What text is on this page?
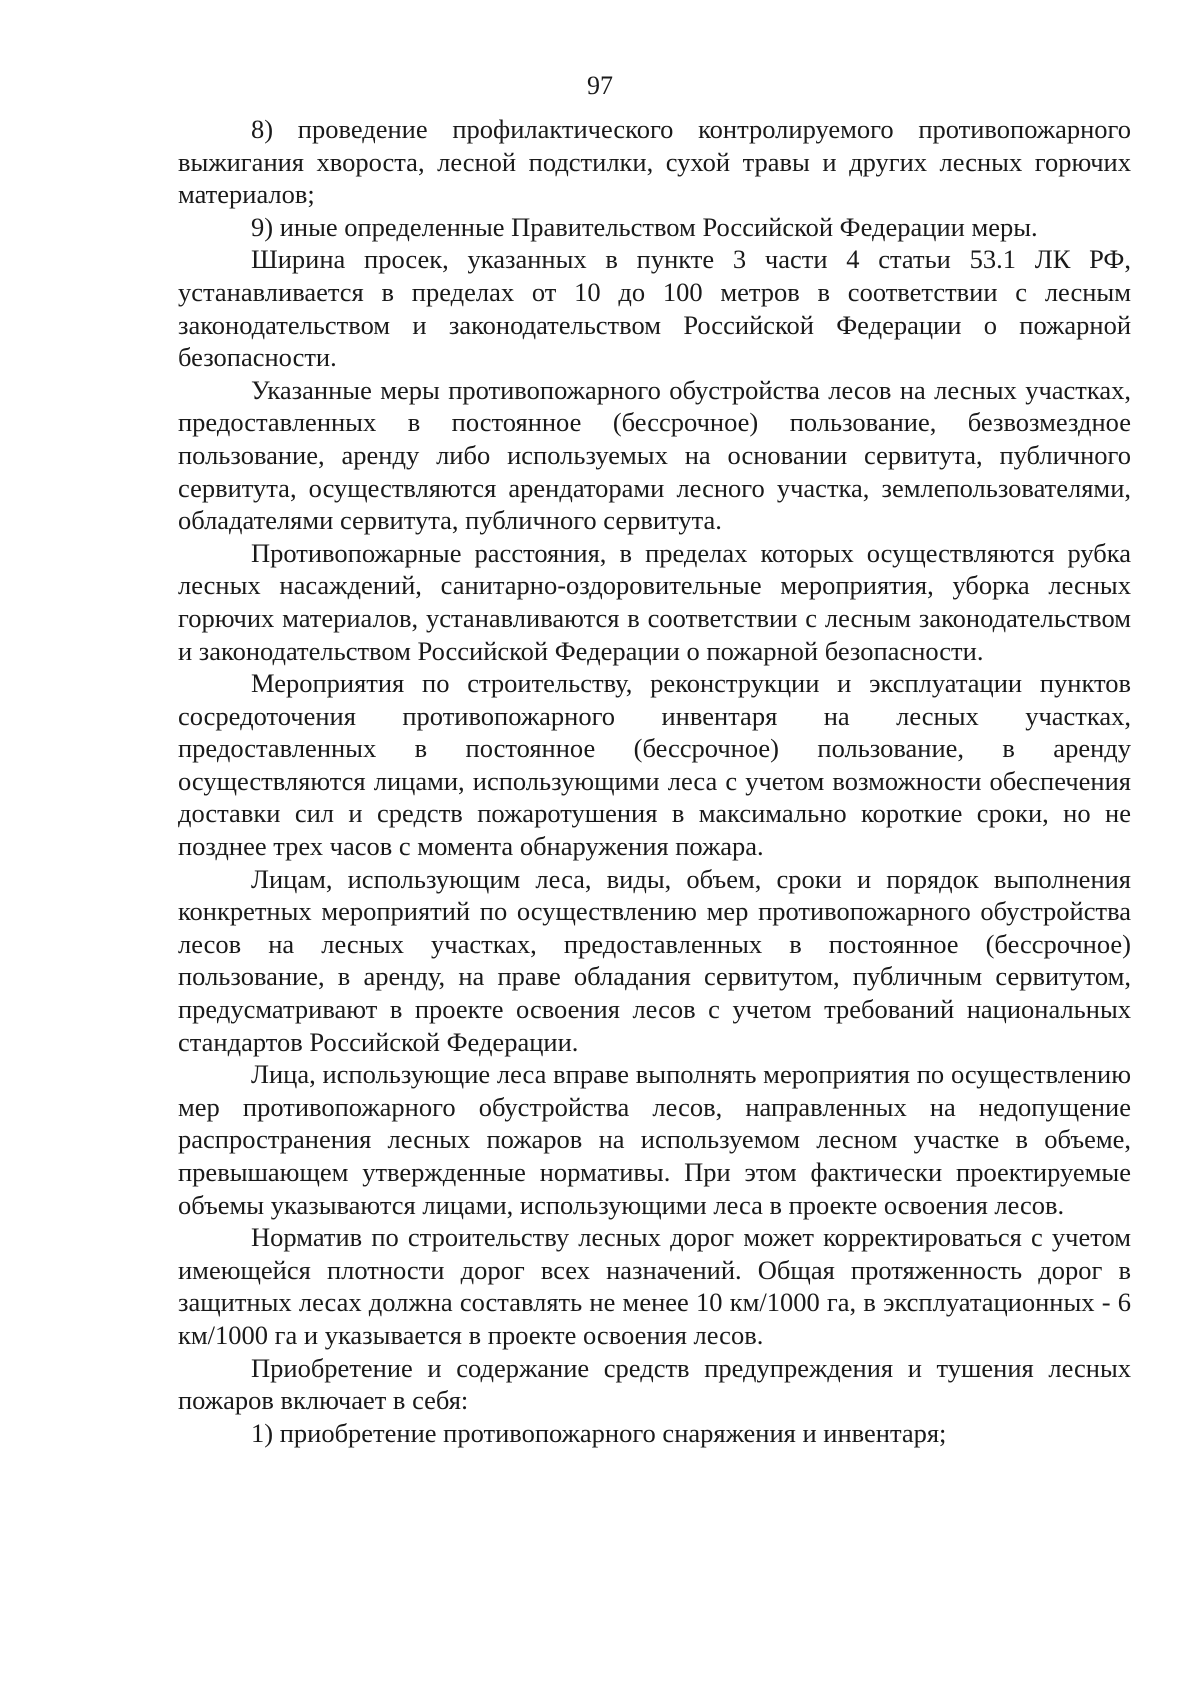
97

8) проведение профилактического контролируемого противопожарного выжигания хвороста, лесной подстилки, сухой травы и других лесных горючих материалов;

9) иные определенные Правительством Российской Федерации меры.

Ширина просек, указанных в пункте 3 части 4 статьи 53.1 ЛК РФ, устанавливается в пределах от 10 до 100 метров в соответствии с лесным законодательством и законодательством Российской Федерации о пожарной безопасности.

Указанные меры противопожарного обустройства лесов на лесных участках, предоставленных в постоянное (бессрочное) пользование, безвозмездное пользование, аренду либо используемых на основании сервитута, публичного сервитута, осуществляются арендаторами лесного участка, землепользователями, обладателями сервитута, публичного сервитута.

Противопожарные расстояния, в пределах которых осуществляются рубка лесных насаждений, санитарно-оздоровительные мероприятия, уборка лесных горючих материалов, устанавливаются в соответствии с лесным законодательством и законодательством Российской Федерации о пожарной безопасности.

Мероприятия по строительству, реконструкции и эксплуатации пунктов сосредоточения противопожарного инвентаря на лесных участках, предоставленных в постоянное (бессрочное) пользование, в аренду осуществляются лицами, использующими леса с учетом возможности обеспечения доставки сил и средств пожаротушения в максимально короткие сроки, но не позднее трех часов с момента обнаружения пожара.

Лицам, использующим леса, виды, объем, сроки и порядок выполнения конкретных мероприятий по осуществлению мер противопожарного обустройства лесов на лесных участках, предоставленных в постоянное (бессрочное) пользование, в аренду, на праве обладания сервитутом, публичным сервитутом, предусматривают в проекте освоения лесов с учетом требований национальных стандартов Российской Федерации.

Лица, использующие леса вправе выполнять мероприятия по осуществлению мер противопожарного обустройства лесов, направленных на недопущение распространения лесных пожаров на используемом лесном участке в объеме, превышающем утвержденные нормативы. При этом фактически проектируемые объемы указываются лицами, использующими леса в проекте освоения лесов.

Норматив по строительству лесных дорог может корректироваться с учетом имеющейся плотности дорог всех назначений. Общая протяженность дорог в защитных лесах должна составлять не менее 10 км/1000 га, в эксплуатационных - 6 км/1000 га и указывается в проекте освоения лесов.

Приобретение и содержание средств предупреждения и тушения лесных пожаров включает в себя:

1) приобретение противопожарного снаряжения и инвентаря;
